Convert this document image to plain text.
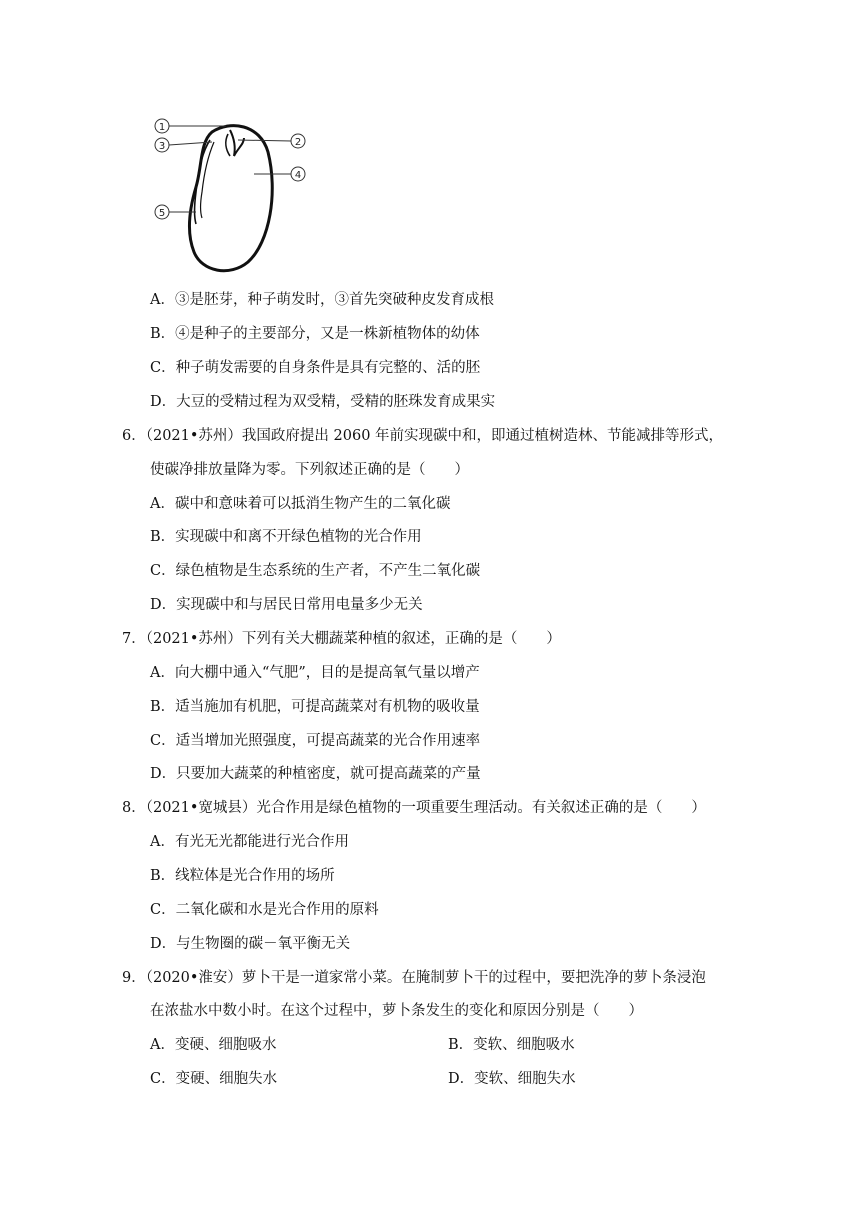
1
3	2
4
5
A．③是胚芽，种子萌发时，③首先突破种皮发育成根
B．④是种子的主要部分，又是一株新植物体的幼体
C．种子萌发需要的自身条件是具有完整的、活的胚
D．大豆的受精过程为双受精，受精的胚珠发育成果实
6．（2021•苏州）我国政府提出 2060 年前实现碳中和，即通过植树造林、节能减排等形式，
使碳净排放量降为零。下列叙述正确的是（　　）
A．碳中和意味着可以抵消生物产生的二氧化碳
B．实现碳中和离不开绿色植物的光合作用
C．绿色植物是生态系统的生产者，不产生二氧化碳
D．实现碳中和与居民日常用电量多少无关
7．（2021•苏州）下列有关大棚蔬菜种植的叙述，正确的是（　　）
A．向大棚中通入“气肥”，目的是提高氧气量以增产
B．适当施加有机肥，可提高蔬菜对有机物的吸收量
C．适当增加光照强度，可提高蔬菜的光合作用速率
D．只要加大蔬菜的种植密度，就可提高蔬菜的产量
8．（2021•宽城县）光合作用是绿色植物的一项重要生理活动。有关叙述正确的是（　　）
A．有光无光都能进行光合作用
B．线粒体是光合作用的场所
C．二氧化碳和水是光合作用的原料
D．与生物圈的碳－氧平衡无关
9．（2020•淮安）萝卜干是一道家常小菜。在腌制萝卜干的过程中，要把洗净的萝卜条浸泡
在浓盐水中数小时。在这个过程中，萝卜条发生的变化和原因分别是（　　）
A．变硬、细胞吸水	B．变软、细胞吸水
C．变硬、细胞失水	D．变软、细胞失水
